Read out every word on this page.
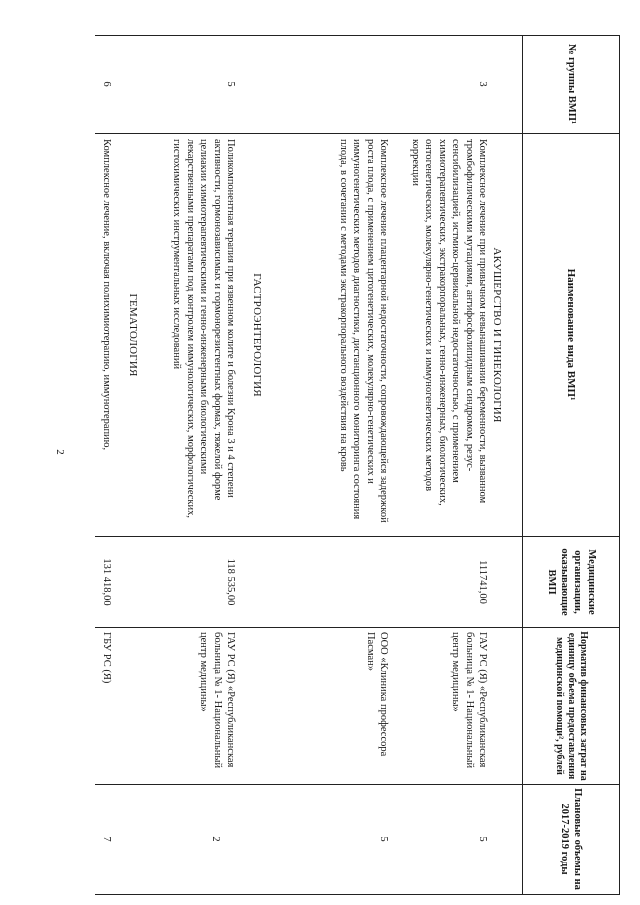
2
№ группы ВМП¹
Наименование вида ВМП¹
Норматив финансовых затрат на единицу объема предоставления медицинской помощи², рублей
Медицинские организации, оказывающие ВМП
Плановые объемы на 2017-2019 годы
АКУШЕРСТВО И ГИНЕКОЛОГИЯ
3
Комплексное лечение при привычном невынашивании беременности, вызванном тромбофилическими мутациями, антифосфолипидным синдромом, резус-сенсибилизацией, истмико-цервикальной недостаточностью, с применением химиотерапевтических, экстракорпоральных, генно-инженерных, биологических, онтогенетических, молекулярно-генетических и иммуногенетических методов коррекции
Комплексное лечение плацентарной недостаточности, сопровождающейся задержкой роста плода, с применением цитогенетических, молекулярно-генетических и иммуногенетических методов диагностики, дистанционного мониторинга состояния плода, в сочетании с методами экстракорпорального воздействия на кровь
111741,00
ГАУ РС (Я) «Республиканская больница № 1- Национальный центр медицины»
5
ООО «Клиника профессора Пасман»
5
ГАСТРОЭНТЕРОЛОГИЯ
5
Поликомпонентная терапия при язвенном колите и болезни Крона 3 и 4 степени активности, гормонозависимых и гормонорезистентных формах, тяжелой форме целиакии химиотерапевтическими и генно-инженерными биологическими лекарственными препаратами под контролем иммунологических, морфологических, гистохимических инструментальных исследований
118 535,00
ГАУ РС (Я) «Республиканская больница № 1- Национальный центр медицины»
2
ГЕМАТОЛОГИЯ
6
Комплексное лечение, включая полихимиотерапию, иммунотерапию,
131 418,00
ГБУ РС (Я)
7
